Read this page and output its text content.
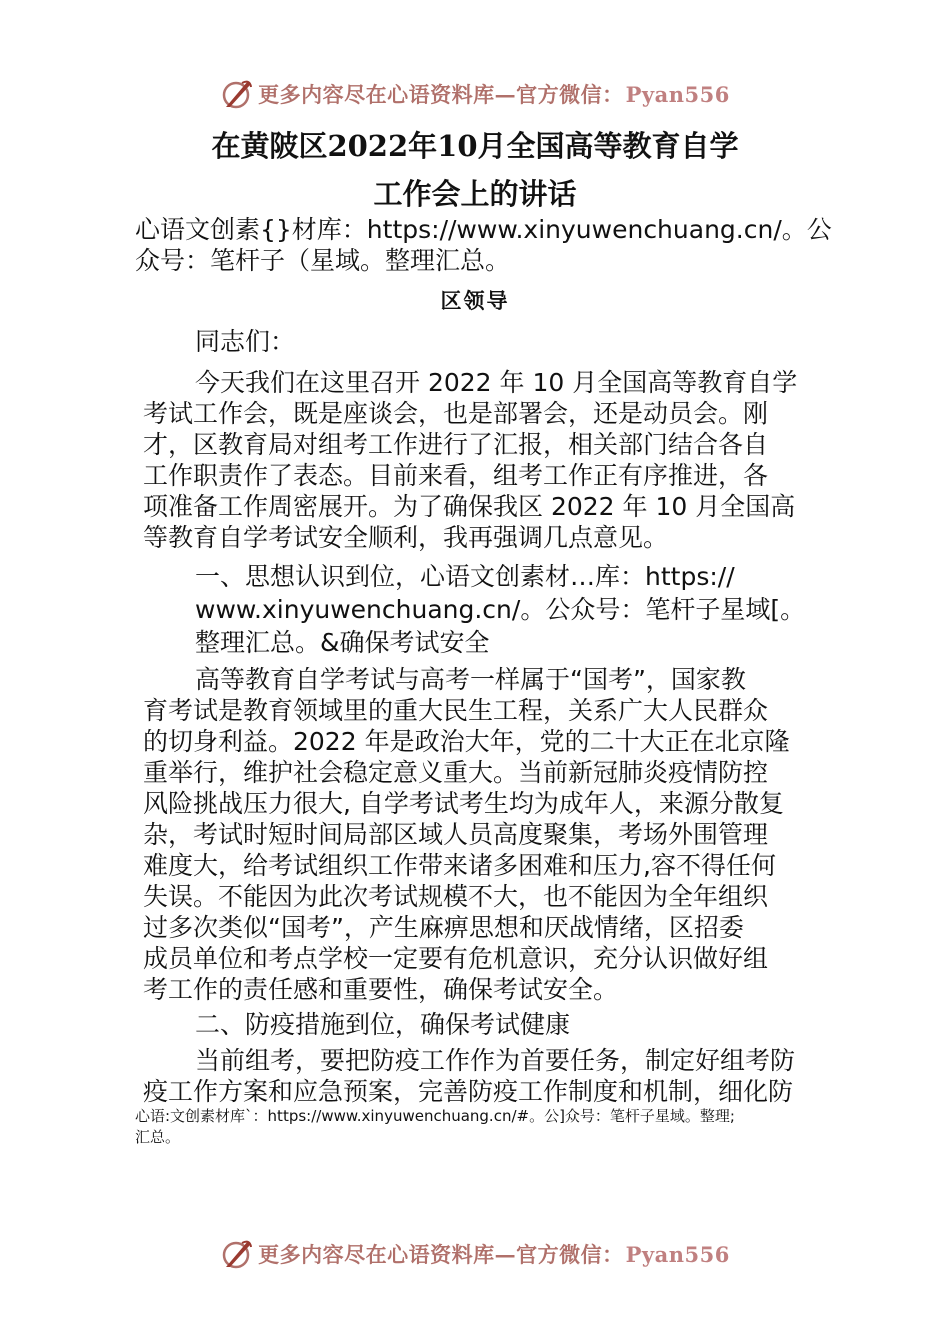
更多内容尽在心语资料库—官方微信：Pyan556
在黄陂区2022年10月全国高等教育自学
工作会上的讲话
心语文创素{}材库：https://www.xinyuwenchuang.cn/。公
众号：笔杆子（星域。整理汇总。
区领导
同志们：
今天我们在这里召开 2022 年 10 月全国高等教育自学
考试工作会，既是座谈会，也是部署会，还是动员会。刚
才，区教育局对组考工作进行了汇报，相关部门结合各自
工作职责作了表态。目前来看，组考工作正有序推进，各
项准备工作周密展开。为了确保我区 2022 年 10 月全国高
等教育自学考试安全顺利，我再强调几点意见。
一、思想认识到位，心语文创素材…库：https://
www.xinyuwenchuang.cn/。公众号：笔杆子星域[。
整理汇总。&确保考试安全
高等教育自学考试与高考一样属于“国考”，国家教
育考试是教育领域里的重大民生工程，关系广大人民群众
的切身利益。2022 年是政治大年，党的二十大正在北京隆
重举行，维护社会稳定意义重大。当前新冠肺炎疫情防控
风险挑战压力很大, 自学考试考生均为成年人，来源分散复
杂，考试时短时间局部区域人员高度聚集，考场外围管理
难度大，给考试组织工作带来诸多困难和压力,容不得任何
失误。不能因为此次考试规模不大，也不能因为全年组织
过多次类似“国考”，产生麻痹思想和厌战情绪，区招委
成员单位和考点学校一定要有危机意识，充分认识做好组
考工作的责任感和重要性，确保考试安全。
二、防疫措施到位，确保考试健康
当前组考，要把防疫工作作为首要任务，制定好组考防
疫工作方案和应急预案，完善防疫工作制度和机制，细化防
心语:文创素材库`：https://www.xinyuwenchuang.cn/#。公]众号：笔杆子星域。整理;
汇总。
更多内容尽在心语资料库—官方微信：Pyan556
